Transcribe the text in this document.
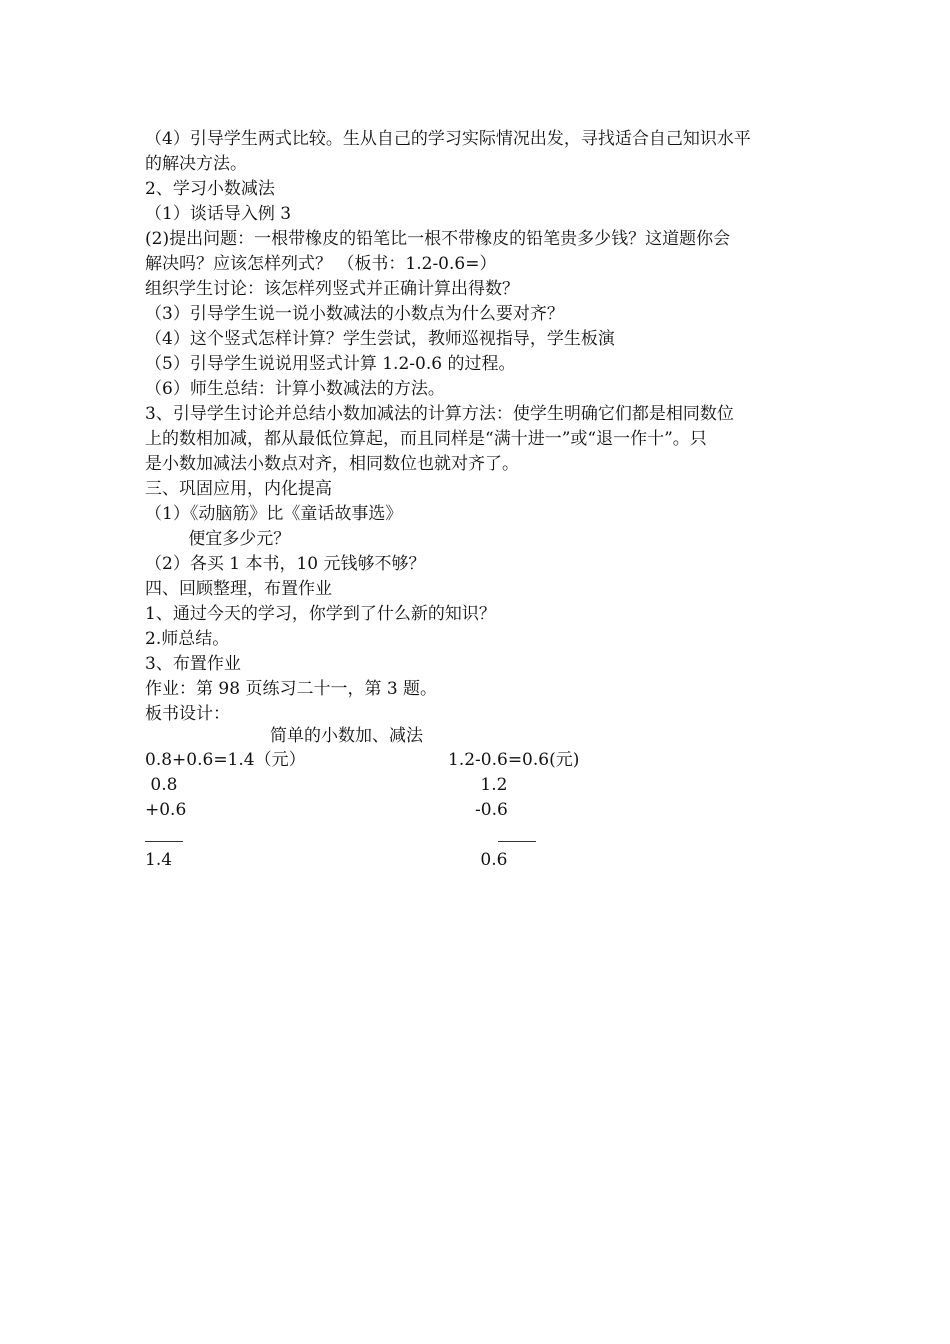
（4）引导学生两式比较。生从自己的学习实际情况出发，寻找适合自己知识水平
的解决方法。
2、学习小数减法
（1）谈话导入例 3
(2)提出问题：一根带橡皮的铅笔比一根不带橡皮的铅笔贵多少钱？这道题你会
解决吗？应该怎样列式？ （板书：1.2-0.6=）
组织学生讨论：该怎样列竖式并正确计算出得数？
（3）引导学生说一说小数减法的小数点为什么要对齐？
（4）这个竖式怎样计算？学生尝试，教师巡视指导，学生板演
（5）引导学生说说用竖式计算 1.2-0.6 的过程。
（6）师生总结：计算小数减法的方法。
3、引导学生讨论并总结小数加减法的计算方法：使学生明确它们都是相同数位
上的数相加减，都从最低位算起，而且同样是“满十进一”或“退一作十”。只
是小数加减法小数点对齐，相同数位也就对齐了。
三、巩固应用，内化提高
（1）《动脑筋》比《童话故事选》
便宜多少元？
（2）各买 1 本书，10 元钱够不够？
四、回顾整理，布置作业
1、通过今天的学习，你学到了什么新的知识？
2.师总结。
3、布置作业
作业：第 98 页练习二十一，第 3 题。
板书设计：
简单的小数加、减法
0.8+0.6=1.4（元）
0.8
+0.6
1.4
1.2-0.6=0.6(元)
1.2
-0.6
0.6
